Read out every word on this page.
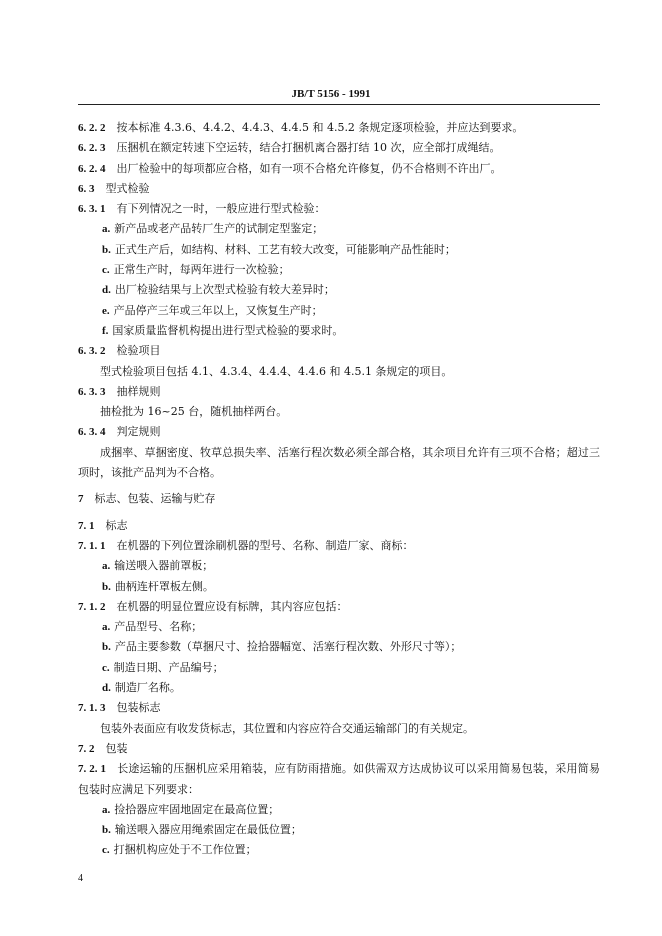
JB/T 5156 - 1991
6. 2. 2  按本标准 4.3.6、4.4.2、4.4.3、4.4.5 和 4.5.2 条规定逐项检验，并应达到要求。
6. 2. 3  压捆机在额定转速下空运转，结合打捆机离合器打结 10 次，应全部打成绳结。
6. 2. 4  出厂检验中的每项都应合格，如有一项不合格允许修复，仍不合格则不许出厂。
6. 3  型式检验
6. 3. 1  有下列情况之一时，一般应进行型式检验：
a. 新产品或老产品转厂生产的试制定型鉴定；
b. 正式生产后，如结构、材料、工艺有较大改变，可能影响产品性能时；
c. 正常生产时，每两年进行一次检验；
d. 出厂检验结果与上次型式检验有较大差异时；
e. 产品停产三年或三年以上，又恢复生产时；
f. 国家质量监督机构提出进行型式检验的要求时。
6. 3. 2  检验项目
型式检验项目包括 4.1、4.3.4、4.4.4、4.4.6 和 4.5.1 条规定的项目。
6. 3. 3  抽样规则
抽检批为 16~25 台，随机抽样两台。
6. 3. 4  判定规则
成捆率、草捆密度、牧草总损失率、活塞行程次数必须全部合格，其余项目允许有三项不合格；超过三项时，该批产品判为不合格。
7  标志、包装、运输与贮存
7. 1  标志
7. 1. 1  在机器的下列位置涂刷机器的型号、名称、制造厂家、商标：
a. 输送喂入器前罩板；
b. 曲柄连杆罩板左侧。
7. 1. 2  在机器的明显位置应设有标牌，其内容应包括：
a. 产品型号、名称；
b. 产品主要参数（草捆尺寸、捡拾器幅宽、活塞行程次数、外形尺寸等）；
c. 制造日期、产品编号；
d. 制造厂名称。
7. 1. 3  包装标志
包装外表面应有收发货标志，其位置和内容应符合交通运输部门的有关规定。
7. 2  包装
7. 2. 1  长途运输的压捆机应采用箱装，应有防雨措施。如供需双方达成协议可以采用简易包装，采用简易包装时应满足下列要求：
a. 捡拾器应牢固地固定在最高位置；
b. 输送喂入器应用绳索固定在最低位置；
c. 打捆机构应处于不工作位置；
4
